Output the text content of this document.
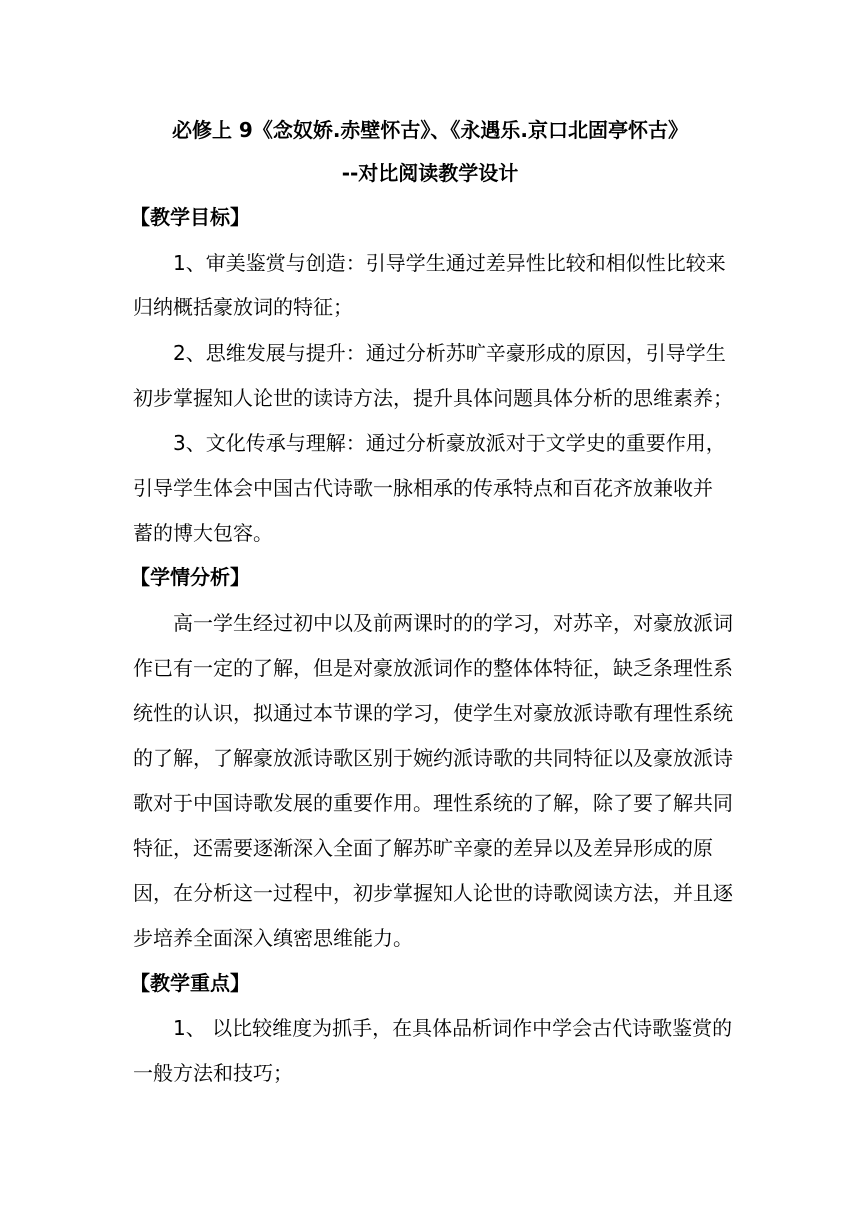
必修上 9《念奴娇.赤壁怀古》、《永遇乐.京口北固亭怀古》
--对比阅读教学设计
【教学目标】
1、审美鉴赏与创造：引导学生通过差异性比较和相似性比较来
归纳概括豪放词的特征；
2、思维发展与提升：通过分析苏旷辛豪形成的原因，引导学生
初步掌握知人论世的读诗方法，提升具体问题具体分析的思维素养；
3、文化传承与理解：通过分析豪放派对于文学史的重要作用，
引导学生体会中国古代诗歌一脉相承的传承特点和百花齐放兼收并
蓄的博大包容。
【学情分析】
高一学生经过初中以及前两课时的的学习，对苏辛，对豪放派词
作已有一定的了解，但是对豪放派词作的整体体特征，缺乏条理性系
统性的认识，拟通过本节课的学习，使学生对豪放派诗歌有理性系统
的了解，了解豪放派诗歌区别于婉约派诗歌的共同特征以及豪放派诗
歌对于中国诗歌发展的重要作用。理性系统的了解，除了要了解共同
特征，还需要逐渐深入全面了解苏旷辛豪的差异以及差异形成的原
因，在分析这一过程中，初步掌握知人论世的诗歌阅读方法，并且逐
步培养全面深入缜密思维能力。
【教学重点】
1、 以比较维度为抓手，在具体品析词作中学会古代诗歌鉴赏的
一般方法和技巧；
